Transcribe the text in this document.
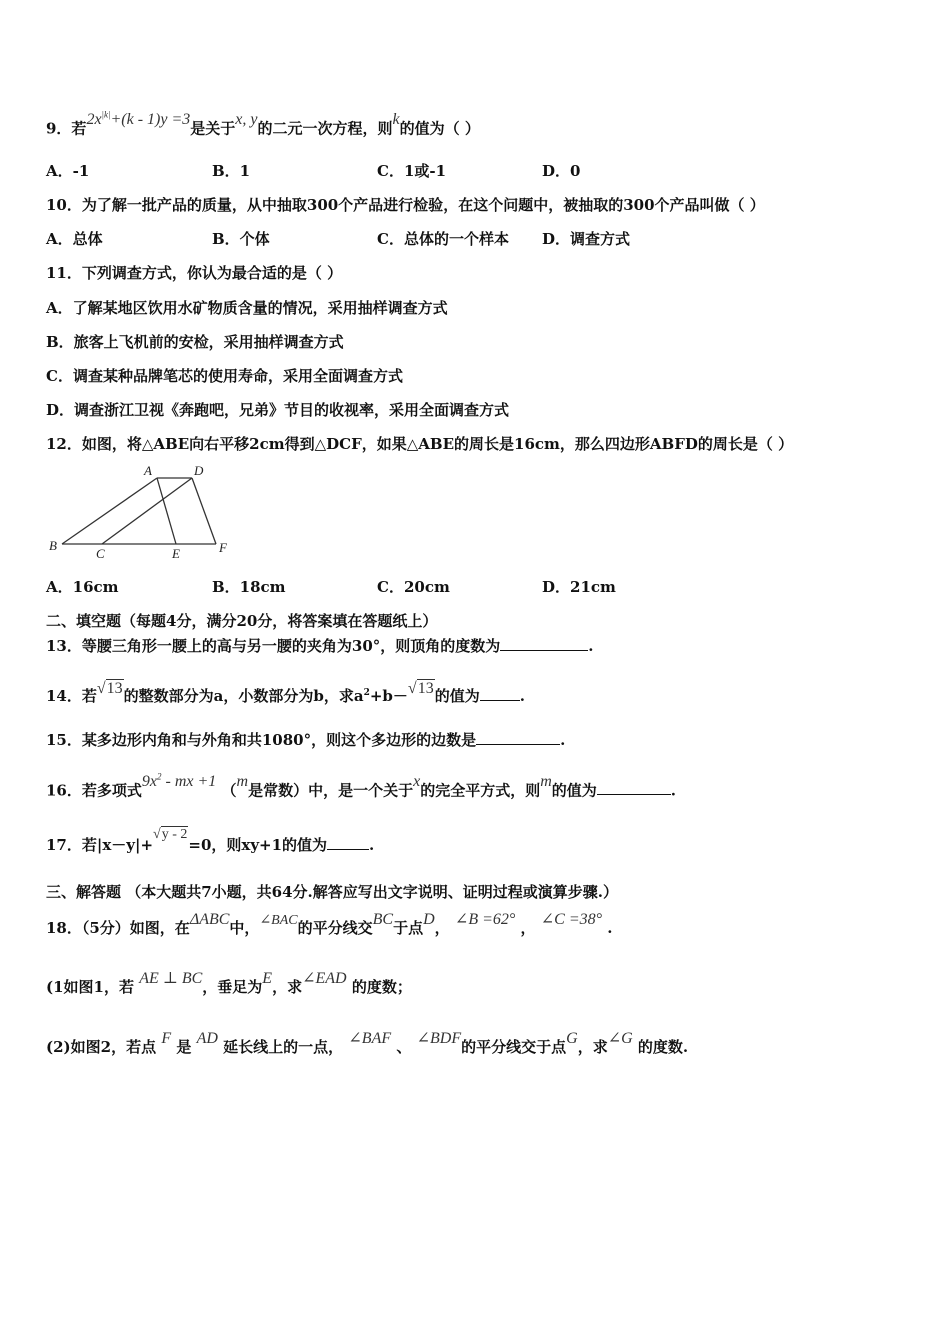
9．若$2x^{|k|}+(k - 1)y =3$是关于x, y的二元一次方程，则k的值为（ ）
A．-1	B．1	C．1或-1	D．0
10．为了解一批产品的质量，从中抽取300个产品进行检验，在这个问题中，被抽取的300个产品叫做（ ）
A．总体	B．个体	C．总体的一个样本 D．调查方式
11．下列调查方式，你认为最合适的是（ ）
A．了解某地区饮用水矿物质含量的情况，采用抽样调查方式
B．旅客上飞机前的安检，采用抽样调查方式
C．调查某种品牌笔芯的使用寿命，采用全面调查方式
D．调查浙江卫视《奔跑吧，兄弟》节目的收视率，采用全面调查方式
12．如图，将△ABE向右平移2cm得到△DCF，如果△ABE的周长是16cm，那么四边形ABFD的周长是（ ）
A	D
B
C	E	F
A．16cm	B．18cm	C．20cm	D．21cm
二、填空题（每题4分，满分20分，将答案填在答题纸上）
13．等腰三角形一腰上的高与另一腰的夹角为30°，则顶角的度数为	.
14．若√13的整数部分为a，小数部分为b，求$a^2+b-√13$的值为	.
15．某多边形内角和与外角和共1080°，则这个多边形的边数是	.
16．若多项式$9x^2$ - mx +1 （m是常数）中，是一个关于x的完全平方式，则m的值为	.
17．若|x－y|+√y - 2=0，则xy+1的值为	.
三、解答题 （本大题共7小题，共64分.解答应写出文字说明、证明过程或演算步骤.）
18．（5分）如图，在ΔABC中，∠BAC的平分线交BC于点D， ∠B =62° ， ∠C =38° .
(1如图1，若 AE ⊥ BC，垂足为E，求∠EAD 的度数；
(2)如图2，若点 F 是 AD 延长线上的一点， ∠BAF 、 ∠BDF的平分线交于点G，求∠G 的度数.
